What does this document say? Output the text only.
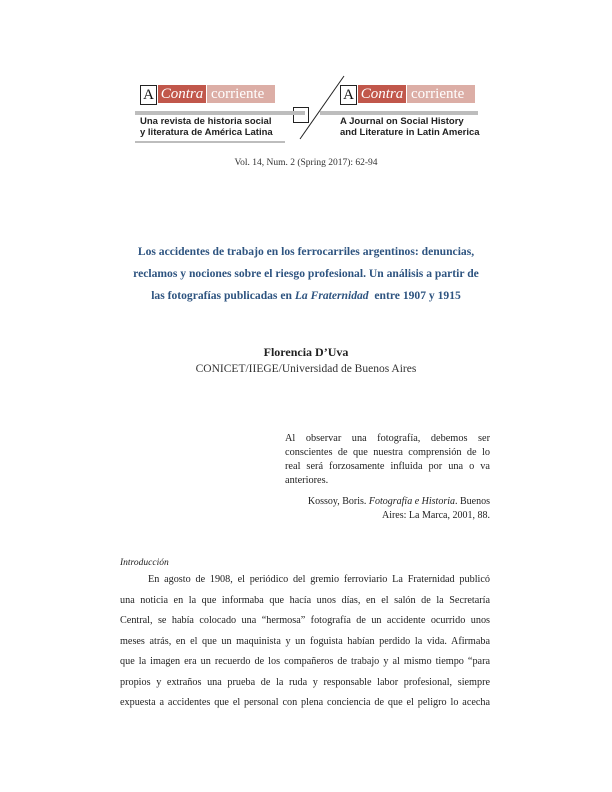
A Contra corriente
Una revista de historia social
y literatura de América Latina
A Contra corriente
A Journal on Social History
and Literature in Latin America
Vol. 14, Num. 2 (Spring 2017): 62-94
Los accidentes de trabajo en los ferrocarriles argentinos: denuncias,
reclamos y nociones sobre el riesgo profesional. Un análisis a partir de
las fotografías publicadas en La Fraternidad  entre 1907 y 1915
Florencia D’Uva
CONICET/IIEGE/Universidad de Buenos Aires
Al observar una fotografía, debemos ser conscientes de que nuestra comprensión de lo real será forzosamente influida por una o va anteriores.
Kossoy, Boris. Fotografía e Historia. Buenos
Aires: La Marca, 2001, 88.
Introducción
En agosto de 1908, el periódico del gremio ferroviario La Fraternidad publicó
una noticia en la que informaba que hacía unos días, en el salón de la Secretaría
Central, se había colocado una “hermosa” fotografía de un accidente ocurrido unos
meses atrás, en el que un maquinista y un foguista habían perdido la vida. Afirmaba
que la imagen era un recuerdo de los compañeros de trabajo y al mismo tiempo “para
propios y extraños una prueba de la ruda y responsable labor profesional, siempre
expuesta a accidentes que el personal con plena conciencia de que el peligro lo acecha
